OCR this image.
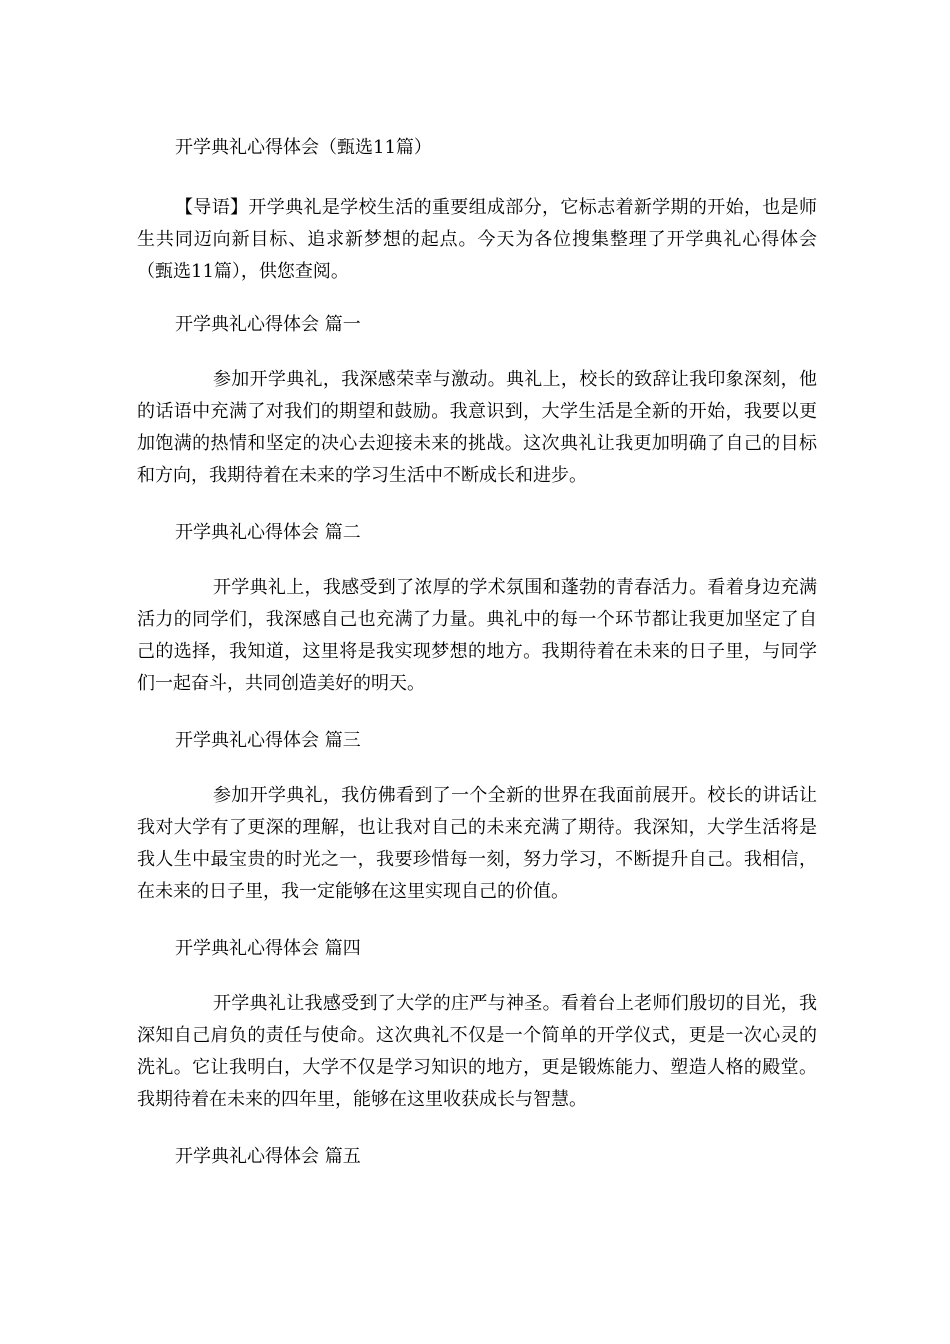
开学典礼心得体会（甄选11篇）
【导语】开学典礼是学校生活的重要组成部分，它标志着新学期的开始，也是师生共同迈向新目标、追求新梦想的起点。今天为各位搜集整理了开学典礼心得体会（甄选11篇），供您查阅。
开学典礼心得体会 篇一
参加开学典礼，我深感荣幸与激动。典礼上，校长的致辞让我印象深刻，他的话语中充满了对我们的期望和鼓励。我意识到，大学生活是全新的开始，我要以更加饱满的热情和坚定的决心去迎接未来的挑战。这次典礼让我更加明确了自己的目标和方向，我期待着在未来的学习生活中不断成长和进步。
开学典礼心得体会 篇二
开学典礼上，我感受到了浓厚的学术氛围和蓬勃的青春活力。看着身边充满活力的同学们，我深感自己也充满了力量。典礼中的每一个环节都让我更加坚定了自己的选择，我知道，这里将是我实现梦想的地方。我期待着在未来的日子里，与同学们一起奋斗，共同创造美好的明天。
开学典礼心得体会 篇三
参加开学典礼，我仿佛看到了一个全新的世界在我面前展开。校长的讲话让我对大学有了更深的理解，也让我对自己的未来充满了期待。我深知，大学生活将是我人生中最宝贵的时光之一，我要珍惜每一刻，努力学习，不断提升自己。我相信，在未来的日子里，我一定能够在这里实现自己的价值。
开学典礼心得体会 篇四
开学典礼让我感受到了大学的庄严与神圣。看着台上老师们殷切的目光，我深知自己肩负的责任与使命。这次典礼不仅是一个简单的开学仪式，更是一次心灵的洗礼。它让我明白，大学不仅是学习知识的地方，更是锻炼能力、塑造人格的殿堂。我期待着在未来的四年里，能够在这里收获成长与智慧。
开学典礼心得体会 篇五
